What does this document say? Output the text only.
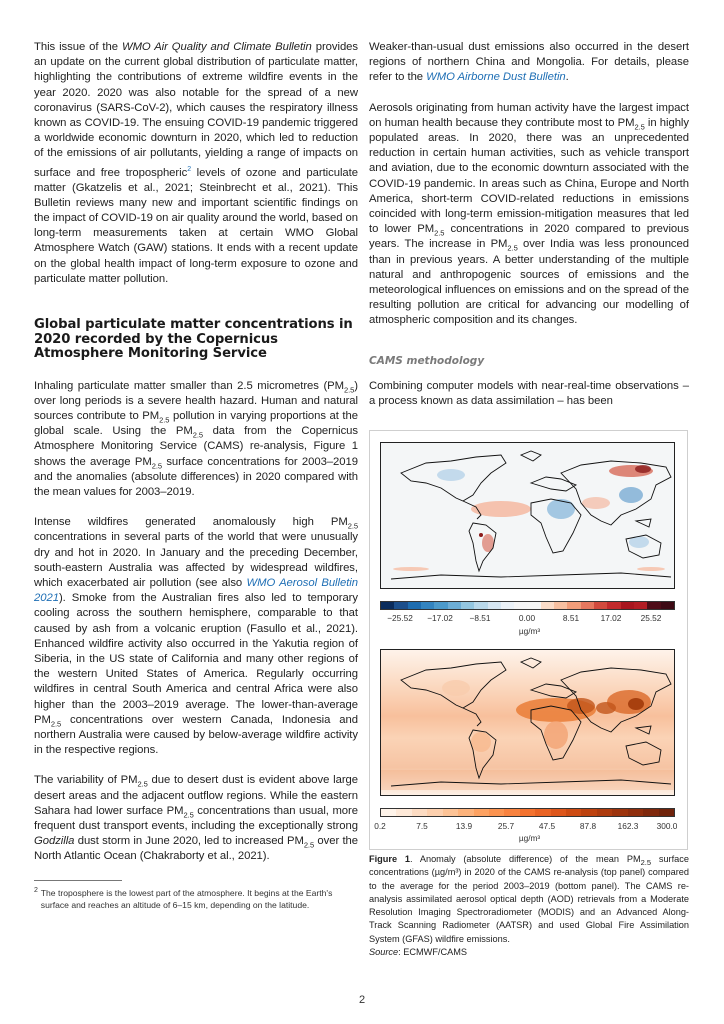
This issue of the WMO Air Quality and Climate Bulletin provides an update on the current global distribution of particulate matter, highlighting the contributions of extreme wildfire events in the year 2020. 2020 was also notable for the spread of a new coronavirus (SARS-CoV-2), which causes the respiratory illness known as COVID-19. The ensuing COVID-19 pandemic triggered a worldwide economic downturn in 2020, which led to reduction of the emissions of air pollutants, yielding a range of impacts on surface and free tropospheric$^2$ levels of ozone and particulate matter (Gkatzelis et al., 2021; Steinbrecht et al., 2021). This Bulletin reviews many new and important scientific findings on the impact of COVID-19 on air quality around the world, based on long-term measurements taken at certain WMO Global Atmosphere Watch (GAW) stations. It ends with a recent update on the global health impact of long-term exposure to ozone and particulate matter pollution.

Global particulate matter concentrations in 2020 recorded by the Copernicus Atmosphere Monitoring Service

Inhaling particulate matter smaller than 2.5 micrometres $(PM_{2.5})$ over long periods is a severe health hazard. Human and natural sources contribute to $PM_{2.5}$ pollution in varying proportions at the global scale. Using the $PM_{2.5}$ data from the Copernicus Atmosphere Monitoring Service (CAMS) re-analysis, Figure 1 shows the average $PM_{2.5}$ surface concentrations for 2003–2019 and the anomalies (absolute differences) in 2020 compared with the mean values for 2003–2019.

Intense wildfires generated anomalously high $PM_{2.5}$ concentrations in several parts of the world that were unusually dry and hot in 2020. In January and the preceding December, south-eastern Australia was affected by widespread wildfires, which exacerbated air pollution (see also WMO Aerosol Bulletin 2021). Smoke from the Australian fires also led to temporary cooling across the southern hemisphere, comparable to that caused by ash from a volcanic eruption (Fasullo et al., 2021). Enhanced wildfire activity also occurred in the Yakutia region of Siberia, in the US state of California and many other regions of the western United States of America. Regularly occurring wildfires in central South America and central Africa were also higher than the 2003–2019 average. The lower-than-average $PM_{2.5}$ concentrations over western Canada, Indonesia and northern Australia were caused by below-average wildfire activity in the respective regions.

The variability of $PM_{2.5}$ due to desert dust is evident above large desert areas and the adjacent outflow regions. While the eastern Sahara had lower surface $PM_{2.5}$ concentrations than usual, more frequent dust transport events, including the exceptionally strong Godzilla dust storm in June 2020, led to increased $PM_{2.5}$ over the North Atlantic Ocean (Chakraborty et al., 2021).

2 The troposphere is the lowest part of the atmosphere. It begins at the Earth's surface and reaches an altitude of 6–15 km, depending on the latitude.

Weaker-than-usual dust emissions also occurred in the desert regions of northern China and Mongolia. For details, please refer to the WMO Airborne Dust Bulletin.

Aerosols originating from human activity have the largest impact on human health because they contribute most to $PM_{2.5}$ in highly populated areas. In 2020, there was an unprecedented reduction in certain human activities, such as vehicle transport and aviation, due to the economic downturn associated with the COVID-19 pandemic. In areas such as China, Europe and North America, short-term COVID-related reductions in emissions coincided with long-term emission-mitigation measures that led to lower $PM_{2.5}$ concentrations in 2020 compared to previous years. The increase in $PM_{2.5}$ over India was less pronounced than in previous years. A better understanding of the multiple natural and anthropogenic sources of emissions and the meteorological influences on emissions and on the spread of the resulting pollution are critical for advancing our modelling of atmospheric composition and its changes.

CAMS methodology

Combining computer models with near-real-time observations – a process known as data assimilation – has been

−25.52 −17.02 −8.51	0.00	8.51	17.02 25.52
µg/m³
0.2	7.5	13.9	25.7	47.5	87.8	162.3 300.0
µg/m³
Figure 1. Anomaly (absolute difference) of the mean $PM_{2.5}$ surface concentrations (µg/m³) in 2020 of the CAMS re-analysis (top panel) compared to the average for the period 2003–2019 (bottom panel). The CAMS re-analysis assimilated aerosol optical depth (AOD) retrievals from a Moderate Resolution Imaging Spectroradiometer (MODIS) and an Advanced Along-Track Scanning Radiometer (AATSR) and used Global Fire Assimilation System (GFAS) wildfire emissions.
Source: ECMWF/CAMS
2
